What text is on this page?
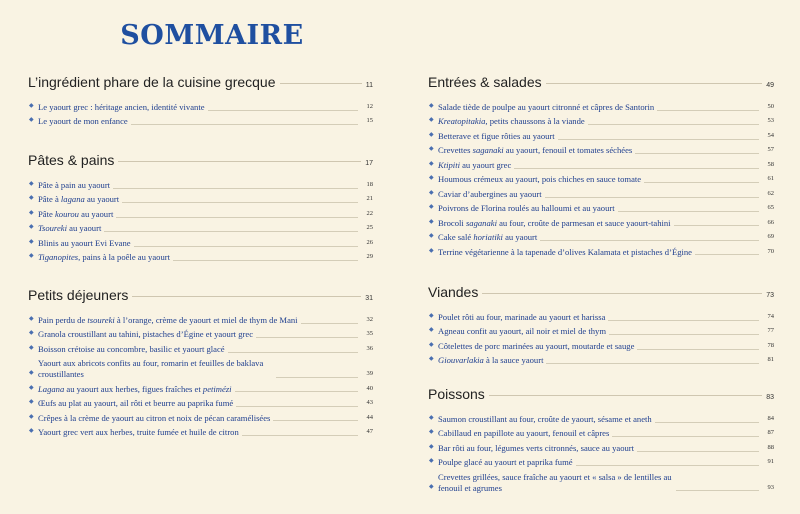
SOMMAIRE
L’ingrédient phare de la cuisine grecque	11
◆ Le yaourt grec : héritage ancien, identité vivante	12
◆ Le yaourt de mon enfance	15
Pâtes & pains	17
◆ Pâte à pain au yaourt	18
◆ Pâte à lagana au yaourt	21
◆ Pâte kourou au yaourt	22
◆ Tsoureki au yaourt	25
◆ Blinis au yaourt Evi Evane	26
◆ Tiganopites, pains à la poêle au yaourt	29
Petits déjeuners	31
◆ Pain perdu de tsoureki à l’orange, crème de yaourt et miel de thym de Mani	32
◆ Granola croustillant au tahini, pistaches d’Égine et yaourt grec	35
◆ Boisson crétoise au concombre, basilic et yaourt glacé	36
◆
Yaourt aux abricots confits au four, romarin et feuilles de baklava croustillantes	39
◆ Lagana au yaourt aux herbes, figues fraîches et petimézi	40
◆ Œufs au plat au yaourt, ail rôti et beurre au paprika fumé	43
◆ Crêpes à la crème de yaourt au citron et noix de pécan caramélisées	44
◆ Yaourt grec vert aux herbes, truite fumée et huile de citron	47
Entrées & salades	49
◆ Salade tiède de poulpe au yaourt citronné et câpres de Santorin	50
◆ Kreatopitakia, petits chaussons à la viande	53
◆ Betterave et figue rôties au yaourt	54
◆ Crevettes saganaki au yaourt, fenouil et tomates séchées	57
◆ Ktipiti au yaourt grec	58
◆ Houmous crémeux au yaourt, pois chiches en sauce tomate	61
◆ Caviar d’aubergines au yaourt	62
◆ Poivrons de Florina roulés au halloumi et au yaourt	65
◆ Brocoli saganaki au four, croûte de parmesan et sauce yaourt-tahini	66
◆ Cake salé horiatiki au yaourt	69
◆ Terrine végétarienne à la tapenade d’olives Kalamata et pistaches d’Égine	70
Viandes	73
◆ Poulet rôti au four, marinade au yaourt et harissa	74
◆ Agneau confit au yaourt, ail noir et miel de thym	77
◆ Côtelettes de porc marinées au yaourt, moutarde et sauge	78
◆ Giouvarlakia à la sauce yaourt	81
Poissons	83
◆ Saumon croustillant au four, croûte de yaourt, sésame et aneth	84
◆ Cabillaud en papillote au yaourt, fenouil et câpres	87
◆ Bar rôti au four, légumes verts citronnés, sauce au yaourt	88
◆ Poulpe glacé au yaourt et paprika fumé	91
◆
Crevettes grillées, sauce fraîche au yaourt et « salsa » de lentilles au fenouil et agrumes	93
